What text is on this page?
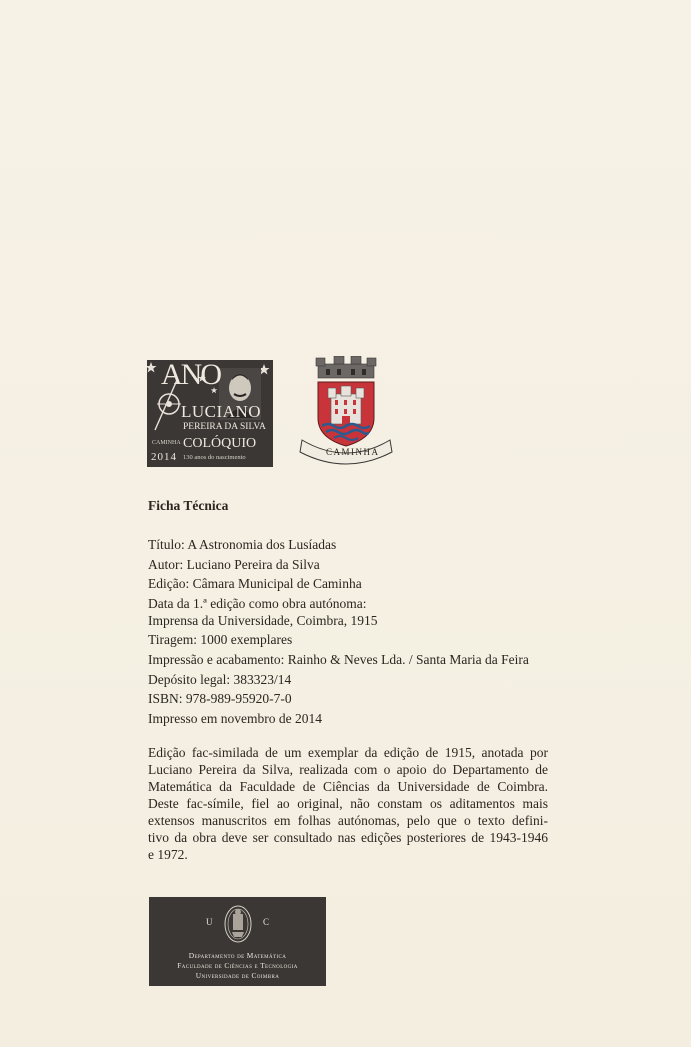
ANO
LUCIANO
PEREIRA DA SILVA
CAMINHA
2014
COLÓQUIO
130 anos do nascimento
CAMINHA
Ficha Técnica
Título: A Astronomia dos Lusíadas
Autor: Luciano Pereira da Silva
Edição: Câmara Municipal de Caminha
Data da 1.ª edição como obra autónoma:
Imprensa da Universidade, Coimbra, 1915
Tiragem: 1000 exemplares
Impressão e acabamento: Rainho & Neves Lda. / Santa Maria da Feira
Depósito legal: 383323/14
ISBN: 978-989-95920-7-0
Impresso em novembro de 2014
Edição fac-similada de um exemplar da edição de 1915, anotada por
Luciano Pereira da Silva, realizada com o apoio do Departamento de
Matemática da Faculdade de Ciências da Universidade de Coimbra.
Deste fac-símile, fiel ao original, não constam os aditamentos mais
extensos manuscritos em folhas autónomas, pelo que o texto defini-
tivo da obra deve ser consultado nas edições posteriores de 1943-1946
e 1972.
U	C
Departamento de Matemática
Faculdade de Ciências e Tecnologia
Universidade de Coimbra
